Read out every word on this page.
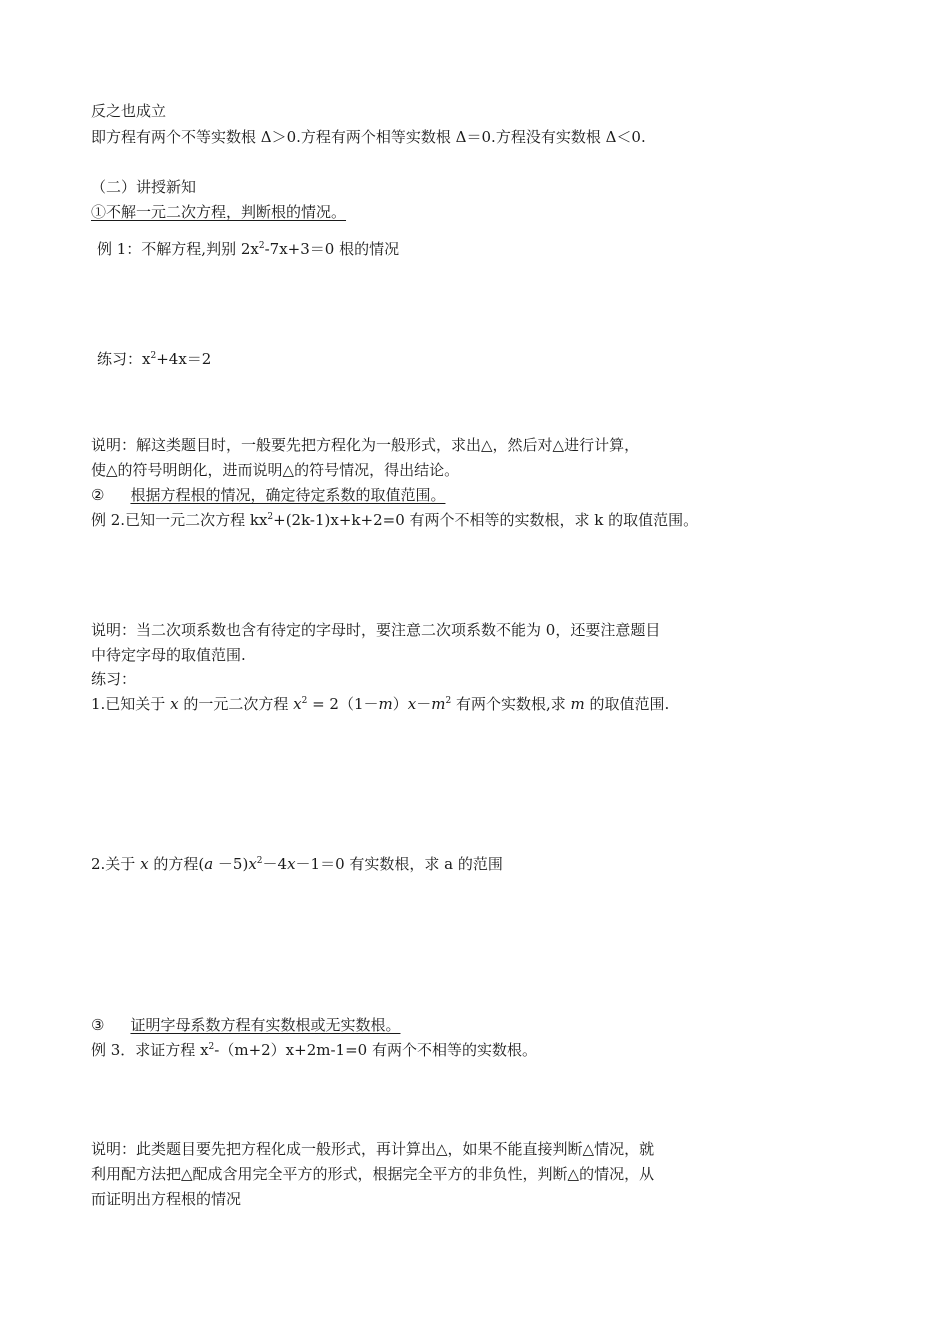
反之也成立
即方程有两个不等实数根 Δ＞0.方程有两个相等实数根 Δ＝0.方程没有实数根 Δ＜0.
（二）讲授新知
①不解一元二次方程，判断根的情况。
例 1：不解方程,判别 $2x^2-7x+3=0$ 根的情况
练习：$x^2+4x=2$
说明：解这类题目时，一般要先把方程化为一般形式，求出△，然后对△进行计算，
使△的符号明朗化，进而说明△的符号情况，得出结论。
② 根据方程根的情况，确定待定系数的取值范围。
例 2.已知一元二次方程 $kx^2+(2k-1)x+k+2=0$ 有两个不相等的实数根，求 k 的取值范围。
说明：当二次项系数也含有待定的字母时，要注意二次项系数不能为 0，还要注意题目
中待定字母的取值范围.
练习：
1.已知关于 x 的一元二次方程 $x^2 = 2(1-m)x-m^2$ 有两个实数根,求 m 的取值范围.
2.关于 x 的方程$(a -5)x^2-4x-1=0$ 有实数根，求 a 的范围
③ 证明字母系数方程有实数根或无实数根。
例 3．求证方程 $x^2-(m+2)x+2m-1=0$ 有两个不相等的实数根。
说明：此类题目要先把方程化成一般形式，再计算出△，如果不能直接判断△情况，就
利用配方法把△配成含用完全平方的形式，根据完全平方的非负性，判断△的情况，从
而证明出方程根的情况
